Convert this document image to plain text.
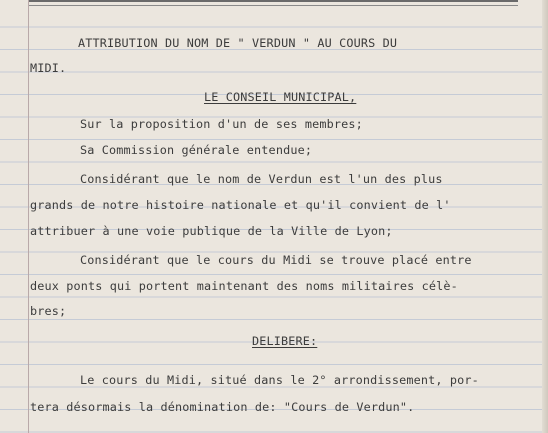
ATTRIBUTION DU NOM DE " VERDUN " AU COURS DU
MIDI.
LE CONSEIL MUNICIPAL,
Sur la proposition d'un de ses membres;
Sa Commission générale entendue;
Considérant que le nom de Verdun est l'un des plus
grands de notre histoire nationale et qu'il convient de l'
attribuer à une voie publique de la Ville de Lyon;
Considérant que le cours du Midi se trouve placé entre
deux ponts qui portent maintenant des noms militaires célè-
bres;
DELIBERE:
Le cours du Midi, situé dans le 2° arrondissement, por-
tera désormais la dénomination de: "Cours de Verdun".
